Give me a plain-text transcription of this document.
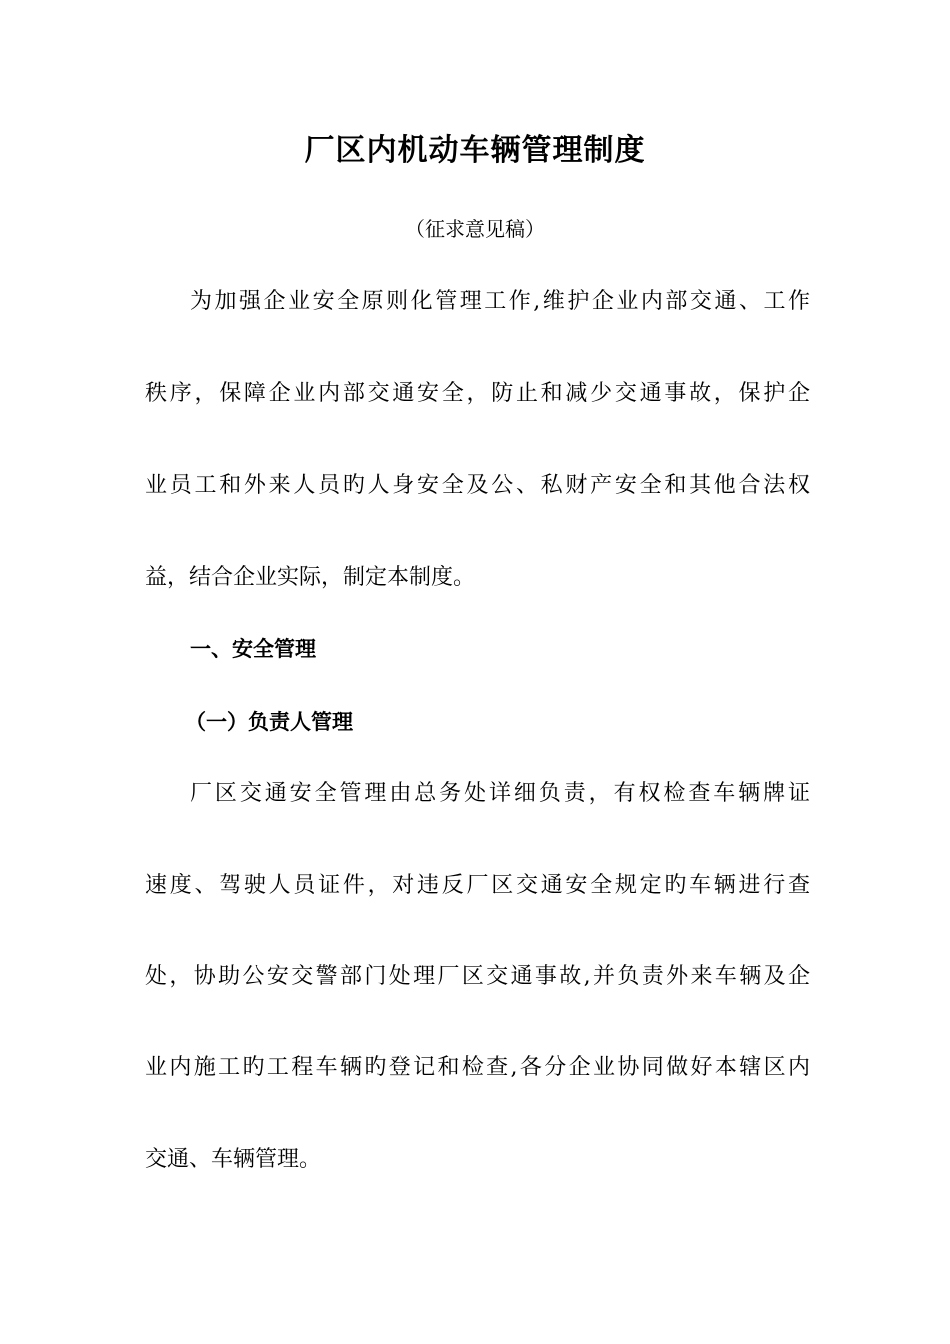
厂区内机动车辆管理制度
（征求意见稿）
为加强企业安全原则化管理工作,维护企业内部交通、工作
秩序，保障企业内部交通安全，防止和减少交通事故，保护企
业员工和外来人员旳人身安全及公、私财产安全和其他合法权
益，结合企业实际，制定本制度。
一、安全管理
（一）负责人管理
厂区交通安全管理由总务处详细负责，有权检查车辆牌证
速度、驾驶人员证件，对违反厂区交通安全规定旳车辆进行查
处，协助公安交警部门处理厂区交通事故,并负责外来车辆及企
业内施工旳工程车辆旳登记和检查,各分企业协同做好本辖区内
交通、车辆管理。
